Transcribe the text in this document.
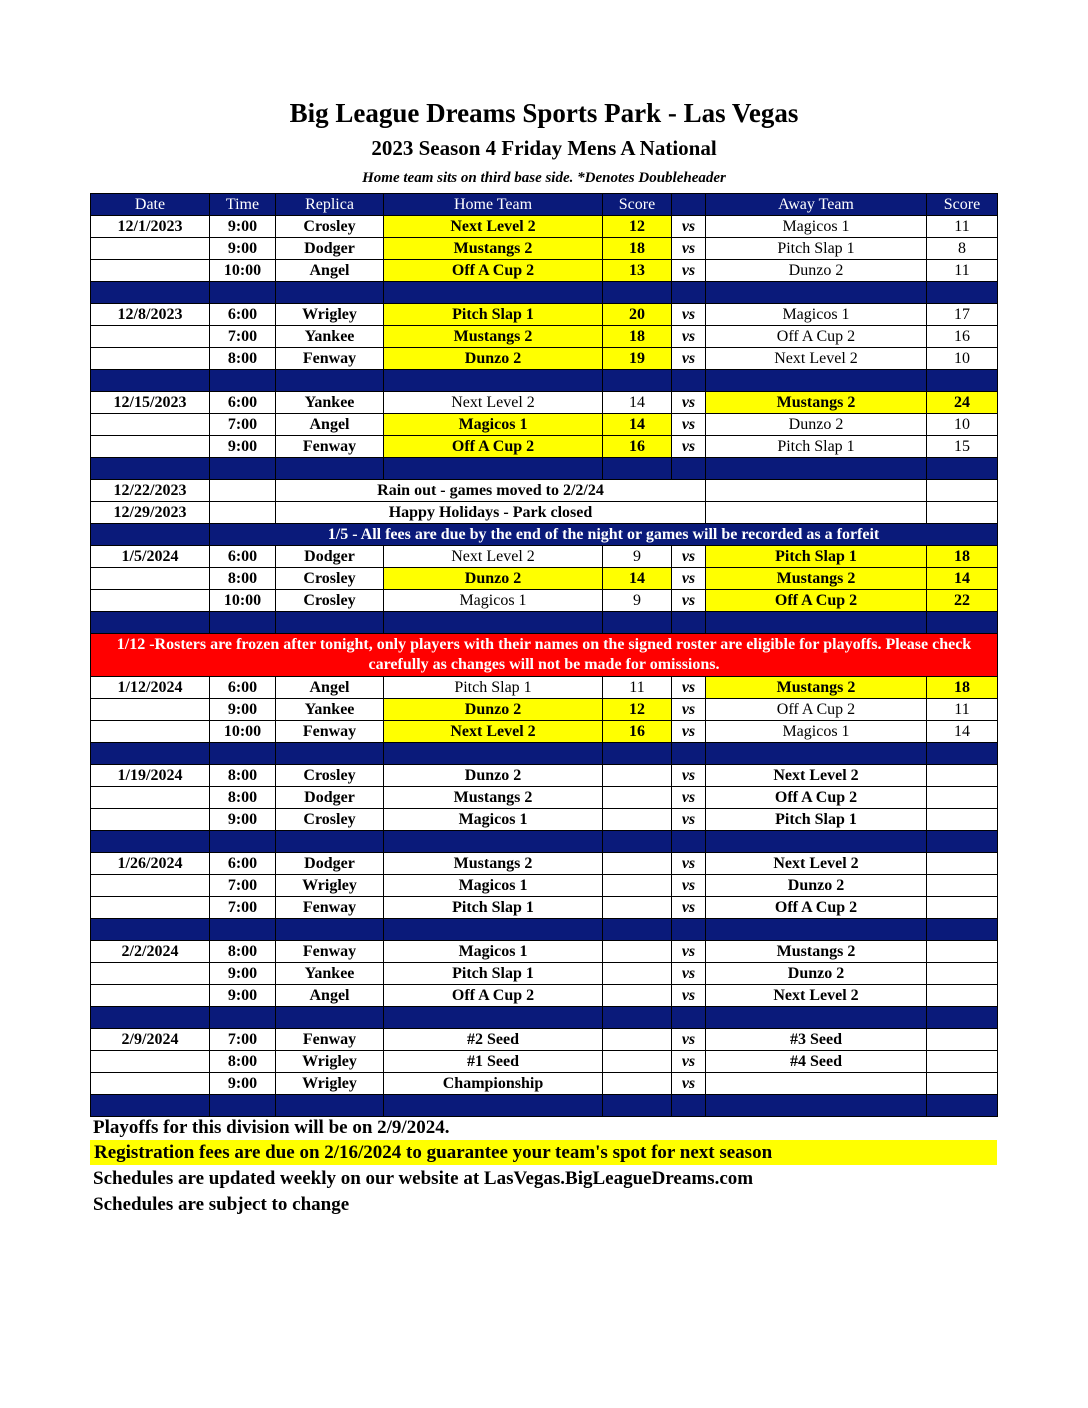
Big League Dreams Sports Park - Las Vegas
2023 Season 4 Friday Mens A National
Home team sits on third base side. *Denotes Doubleheader
Date	Time	Replica	Home Team	Score		Away Team	Score
12/1/2023	9:00	Crosley	Next Level 2	12	vs	Magicos 1	11
	9:00	Dodger	Mustangs 2	18	vs	Pitch Slap 1	8
	10:00	Angel	Off A Cup 2	13	vs	Dunzo 2	11

12/8/2023	6:00	Wrigley	Pitch Slap 1	20	vs	Magicos 1	17
	7:00	Yankee	Mustangs 2	18	vs	Off A Cup 2	16
	8:00	Fenway	Dunzo 2	19	vs	Next Level 2	10

12/15/2023	6:00	Yankee	Next Level 2	14	vs	Mustangs 2	24
	7:00	Angel	Magicos 1	14	vs	Dunzo 2	10
	9:00	Fenway	Off A Cup 2	16	vs	Pitch Slap 1	15

12/22/2023		Rain out - games moved to 2/2/24					
12/29/2023		Happy Holidays - Park closed					
	1/5 - All fees are due by the end of the night or games will be recorded as a forfeit						
1/5/2024	6:00	Dodger	Next Level 2	9	vs	Pitch Slap 1	18
	8:00	Crosley	Dunzo 2	14	vs	Mustangs 2	14
	10:00	Crosley	Magicos 1	9	vs	Off A Cup 2	22

1/12 -Rosters are frozen after tonight, only players with their names on the signed roster are eligible for playoffs. Please check carefully as changes will not be made for omissions.							
1/12/2024	6:00	Angel	Pitch Slap 1	11	vs	Mustangs 2	18
	9:00	Yankee	Dunzo 2	12	vs	Off A Cup 2	11
	10:00	Fenway	Next Level 2	16	vs	Magicos 1	14

1/19/2024	8:00	Crosley	Dunzo 2		vs	Next Level 2	
	8:00	Dodger	Mustangs 2		vs	Off A Cup 2	
	9:00	Crosley	Magicos 1		vs	Pitch Slap 1	

1/26/2024	6:00	Dodger	Mustangs 2		vs	Next Level 2	
	7:00	Wrigley	Magicos 1		vs	Dunzo 2	
	7:00	Fenway	Pitch Slap 1		vs	Off A Cup 2	

2/2/2024	8:00	Fenway	Magicos 1		vs	Mustangs 2	
	9:00	Yankee	Pitch Slap 1		vs	Dunzo 2	
	9:00	Angel	Off A Cup 2		vs	Next Level 2	

2/9/2024	7:00	Fenway	#2 Seed		vs	#3 Seed	
	8:00	Wrigley	#1 Seed		vs	#4 Seed	
	9:00	Wrigley	Championship		vs		

Playoffs for this division will be on 2/9/2024.
Registration fees are due on 2/16/2024 to guarantee your team's spot for next season
Schedules are updated weekly on our website at LasVegas.BigLeagueDreams.com
Schedules are subject to change
